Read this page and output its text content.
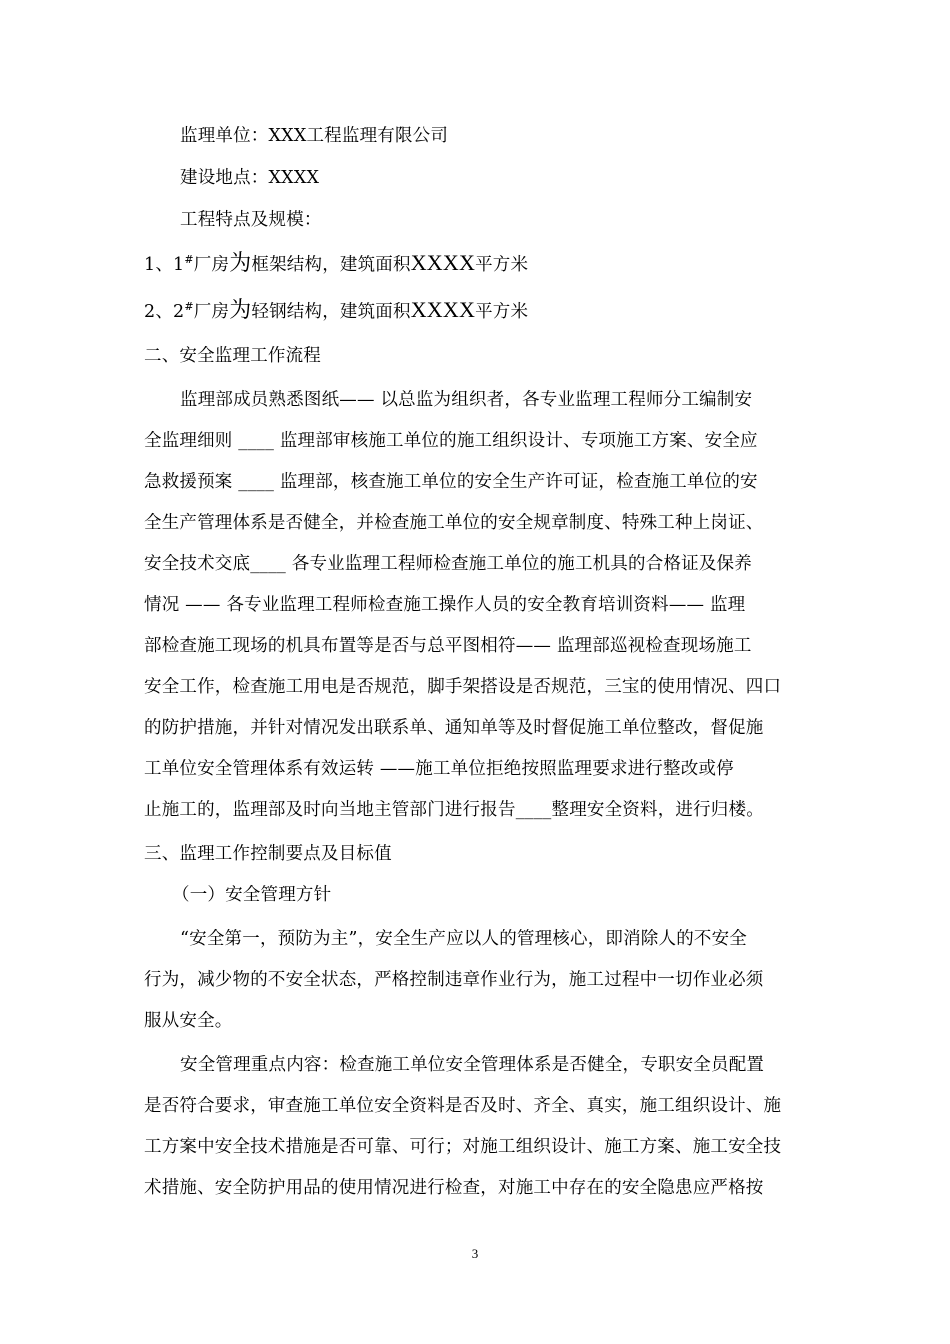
监理单位：XXX工程监理有限公司
建设地点：XXXX
工程特点及规模：
1、1#厂房为框架结构，建筑面积XXXX平方米
2、2#厂房为轻钢结构，建筑面积XXXX平方米
二、安全监理工作流程
监理部成员熟悉图纸—— 以总监为组织者，各专业监理工程师分工编制安
全监理细则 ____ 监理部审核施工单位的施工组织设计、专项施工方案、安全应
急救援预案 ____ 监理部，核查施工单位的安全生产许可证，检查施工单位的安
全生产管理体系是否健全，并检查施工单位的安全规章制度、特殊工种上岗证、
安全技术交底____ 各专业监理工程师检查施工单位的施工机具的合格证及保养
情况 —— 各专业监理工程师检查施工操作人员的安全教育培训资料—— 监理
部检查施工现场的机具布置等是否与总平图相符—— 监理部巡视检查现场施工
安全工作，检查施工用电是否规范，脚手架搭设是否规范，三宝的使用情况、四口
的防护措施，并针对情况发出联系单、通知单等及时督促施工单位整改，督促施
工单位安全管理体系有效运转 ——施工单位拒绝按照监理要求进行整改或停
止施工的，监理部及时向当地主管部门进行报告____整理安全资料，进行归楼。
三、监理工作控制要点及目标值
（一）安全管理方针
“安全第一，预防为主”，安全生产应以人的管理核心，即消除人的不安全
行为，减少物的不安全状态，严格控制违章作业行为，施工过程中一切作业必须
服从安全。
安全管理重点内容：检查施工单位安全管理体系是否健全，专职安全员配置
是否符合要求，审查施工单位安全资料是否及时、齐全、真实，施工组织设计、施
工方案中安全技术措施是否可靠、可行；对施工组织设计、施工方案、施工安全技
术措施、安全防护用品的使用情况进行检查，对施工中存在的安全隐患应严格按
3
